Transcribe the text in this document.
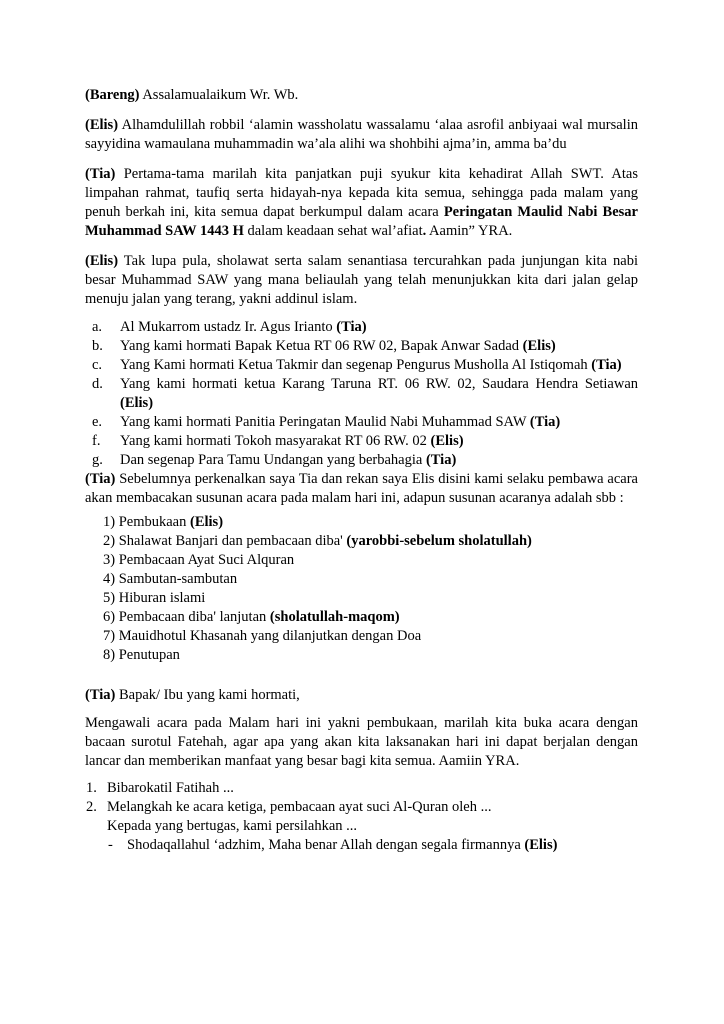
(Bareng) Assalamualaikum Wr. Wb.

(Elis) Alhamdulillah robbil ‘alamin wassholatu wassalamu ‘alaa asrofil anbiyaai wal mursalin sayyidina wamaulana muhammadin wa’ala alihi wa shohbihi ajma’in, amma ba’du

(Tia) Pertama-tama marilah kita panjatkan puji syukur kita kehadirat Allah SWT. Atas limpahan rahmat, taufiq serta hidayah-nya kepada kita semua, sehingga pada malam yang penuh berkah ini, kita semua dapat berkumpul dalam acara Peringatan Maulid Nabi Besar Muhammad SAW 1443 H dalam keadaan sehat wal’afiat. Aamin” YRA.

(Elis) Tak lupa pula, sholawat serta salam senantiasa tercurahkan pada junjungan kita nabi besar Muhammad SAW yang mana beliaulah yang telah menunjukkan kita dari jalan gelap menuju jalan yang terang, yakni addinul islam.

a. Al Mukarrom ustadz Ir. Agus Irianto (Tia)
b. Yang kami hormati Bapak Ketua RT 06 RW 02, Bapak Anwar Sadad (Elis)
c. Yang Kami hormati Ketua Takmir dan segenap Pengurus Musholla Al Istiqomah (Tia)
d. Yang kami hormati ketua Karang Taruna RT. 06 RW. 02, Saudara Hendra Setiawan (Elis)
e. Yang kami hormati Panitia Peringatan Maulid Nabi Muhammad SAW (Tia)
f. Yang kami hormati Tokoh masyarakat RT 06 RW. 02 (Elis)
g. Dan segenap Para Tamu Undangan yang berbahagia (Tia)

(Tia) Sebelumnya perkenalkan saya Tia dan rekan saya Elis disini kami selaku pembawa acara akan membacakan susunan acara pada malam hari ini, adapun susunan acaranya adalah sbb :

1) Pembukaan (Elis)
2) Shalawat Banjari dan pembacaan diba' (yarobbi-sebelum sholatullah)
3) Pembacaan Ayat Suci Alquran
4) Sambutan-sambutan
5) Hiburan islami
6) Pembacaan diba' lanjutan (sholatullah-maqom)
7) Mauidhotul Khasanah yang dilanjutkan dengan Doa
8) Penutupan

(Tia) Bapak/ Ibu yang kami hormati,

Mengawali acara pada Malam hari ini yakni pembukaan, marilah kita buka acara dengan bacaan surotul Fatehah, agar apa yang akan kita laksanakan hari ini dapat berjalan dengan lancar dan memberikan manfaat yang besar bagi kita semua. Aamiin YRA.

1. Bibarokatil Fatihah ...
2. Melangkah ke acara ketiga, pembacaan ayat suci Al-Quran oleh ...
Kepada yang bertugas, kami persilahkan ...
- Shodaqallahul ‘adzhim, Maha benar Allah dengan segala firmannya (Elis)
